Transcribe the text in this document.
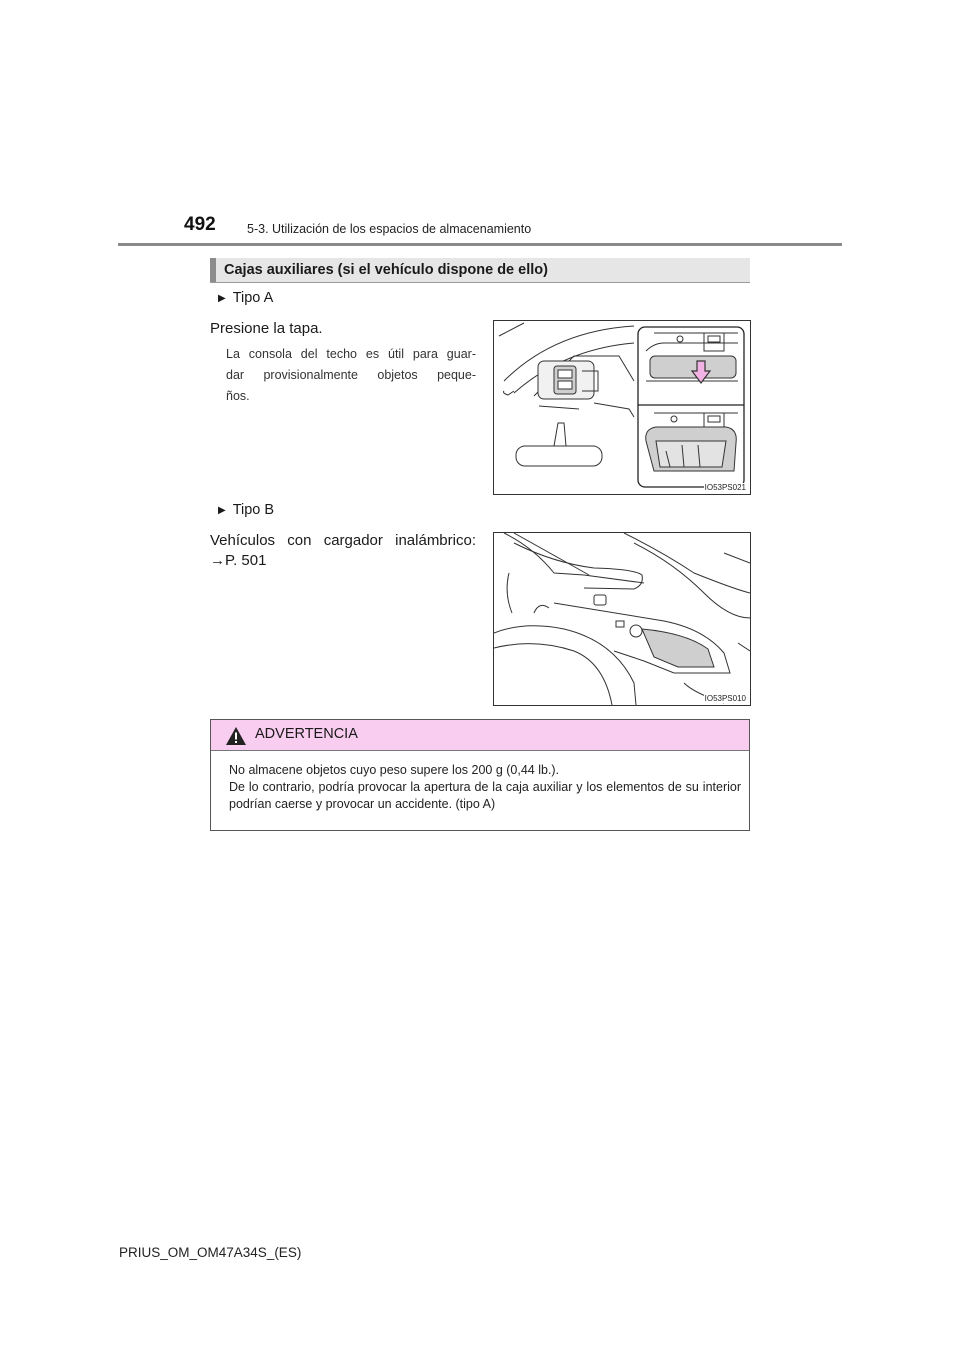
492	5-3. Utilización de los espacios de almacenamiento
Cajas auxiliares (si el vehículo dispone de ello)
▶ Tipo A
Presione la tapa.
La consola del techo es útil para guar-
dar provisionalmente objetos peque-
ños.
IO53PS021
▶ Tipo B
Vehículos con cargador inalámbrico:
→P. 501
IO53PS010
ADVERTENCIA
No almacene objetos cuyo peso supere los 200 g (0,44 lb.).
De lo contrario, podría provocar la apertura de la caja auxiliar y los elementos de su interior podrían caerse y provocar un accidente. (tipo A)
PRIUS_OM_OM47A34S_(ES)
